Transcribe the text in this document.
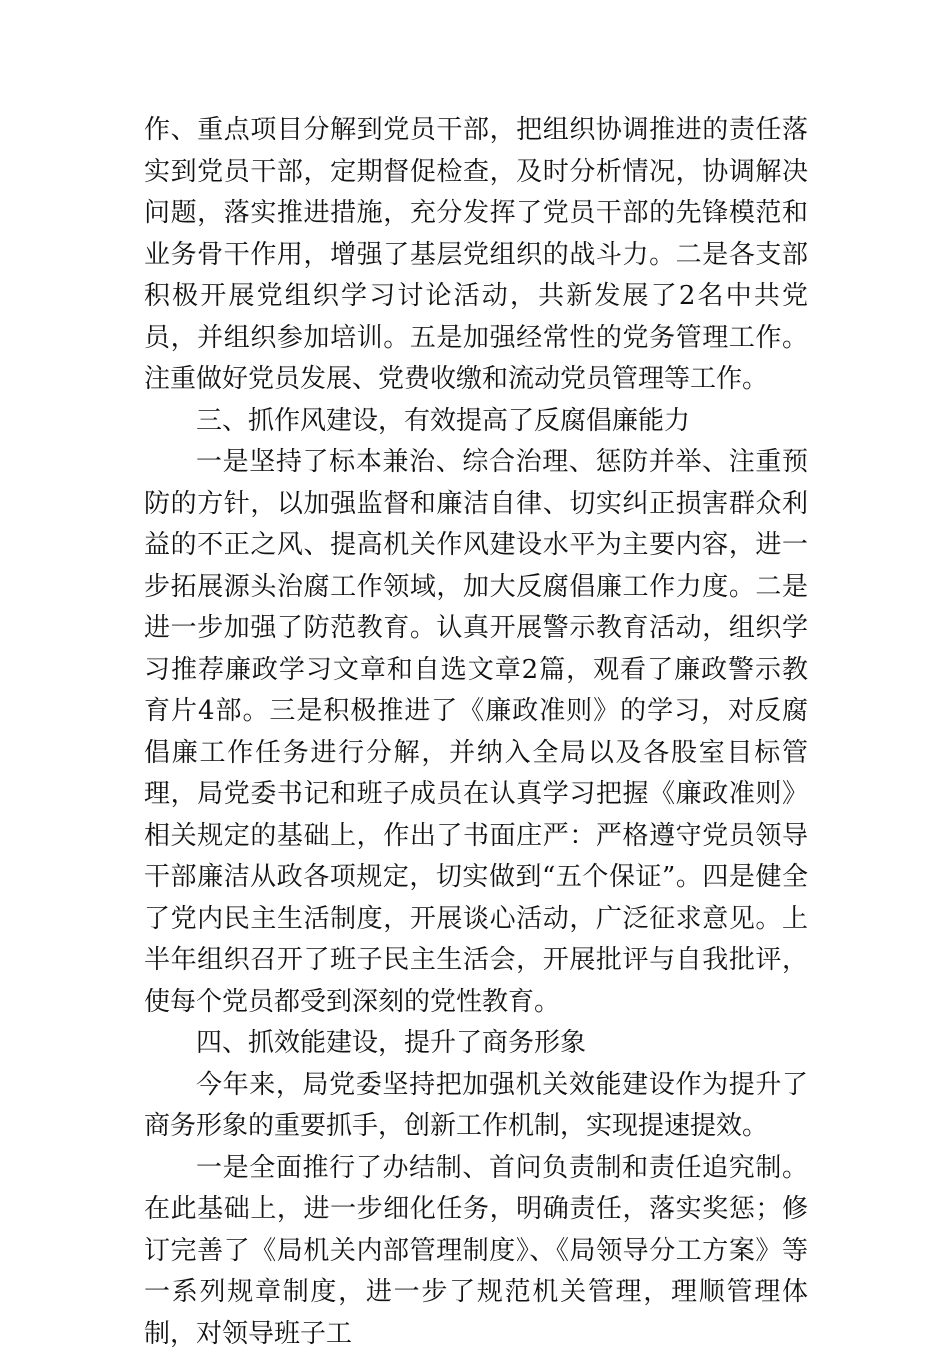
作、重点项目分解到党员干部，把组织协调推进的责任落实到党员干部，定期督促检查，及时分析情况，协调解决问题，落实推进措施，充分发挥了党员干部的先锋模范和业务骨干作用，增强了基层党组织的战斗力。二是各支部积极开展党组织学习讨论活动，共新发展了2名中共党员，并组织参加培训。五是加强经常性的党务管理工作。注重做好党员发展、党费收缴和流动党员管理等工作。

三、抓作风建设，有效提高了反腐倡廉能力

一是坚持了标本兼治、综合治理、惩防并举、注重预防的方针，以加强监督和廉洁自律、切实纠正损害群众利益的不正之风、提高机关作风建设水平为主要内容，进一步拓展源头治腐工作领域，加大反腐倡廉工作力度。二是进一步加强了防范教育。认真开展警示教育活动，组织学习推荐廉政学习文章和自选文章2篇，观看了廉政警示教育片4部。三是积极推进了《廉政准则》的学习，对反腐倡廉工作任务进行分解，并纳入全局以及各股室目标管理，局党委书记和班子成员在认真学习把握《廉政准则》相关规定的基础上，作出了书面庄严：严格遵守党员领导干部廉洁从政各项规定，切实做到“五个保证”。四是健全了党内民主生活制度，开展谈心活动，广泛征求意见。上半年组织召开了班子民主生活会，开展批评与自我批评，使每个党员都受到深刻的党性教育。

四、抓效能建设，提升了商务形象

今年来，局党委坚持把加强机关效能建设作为提升了商务形象的重要抓手，创新工作机制，实现提速提效。

一是全面推行了办结制、首问负责制和责任追究制。在此基础上，进一步细化任务，明确责任，落实奖惩；修订完善了《局机关内部管理制度》、《局领导分工方案》等一系列规章制度，进一步了规范机关管理，理顺管理体制，对领导班子工
